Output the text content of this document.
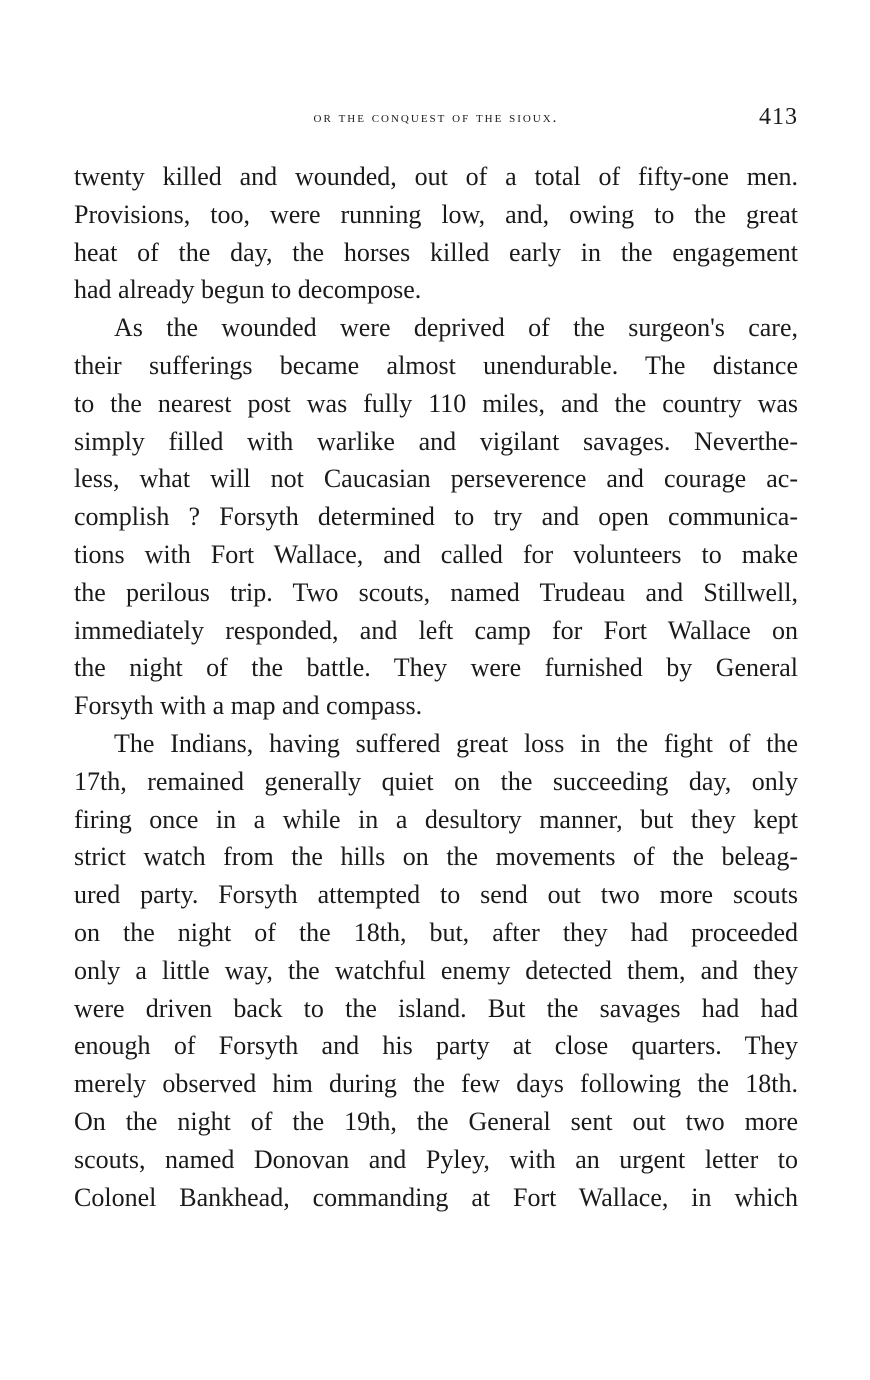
or the conquest of the sioux.	413
twenty killed and wounded, out of a total of fifty-one men.
Provisions, too, were running low, and, owing to the great
heat of the day, the horses killed early in the engagement
had already begun to decompose.
As the wounded were deprived of the surgeon's care,
their sufferings became almost unendurable. The distance
to the nearest post was fully 110 miles, and the country was
simply filled with warlike and vigilant savages. Neverthe-
less, what will not Caucasian perseverence and courage ac-
complish ? Forsyth determined to try and open communica-
tions with Fort Wallace, and called for volunteers to make
the perilous trip. Two scouts, named Trudeau and Stillwell,
immediately responded, and left camp for Fort Wallace on
the night of the battle. They were furnished by General
Forsyth with a map and compass.
The Indians, having suffered great loss in the fight of the
17th, remained generally quiet on the succeeding day, only
firing once in a while in a desultory manner, but they kept
strict watch from the hills on the movements of the beleag-
ured party. Forsyth attempted to send out two more scouts
on the night of the 18th, but, after they had proceeded
only a little way, the watchful enemy detected them, and they
were driven back to the island. But the savages had had
enough of Forsyth and his party at close quarters. They
merely observed him during the few days following the 18th.
On the night of the 19th, the General sent out two more
scouts, named Donovan and Pyley, with an urgent letter to
Colonel Bankhead, commanding at Fort Wallace, in which
